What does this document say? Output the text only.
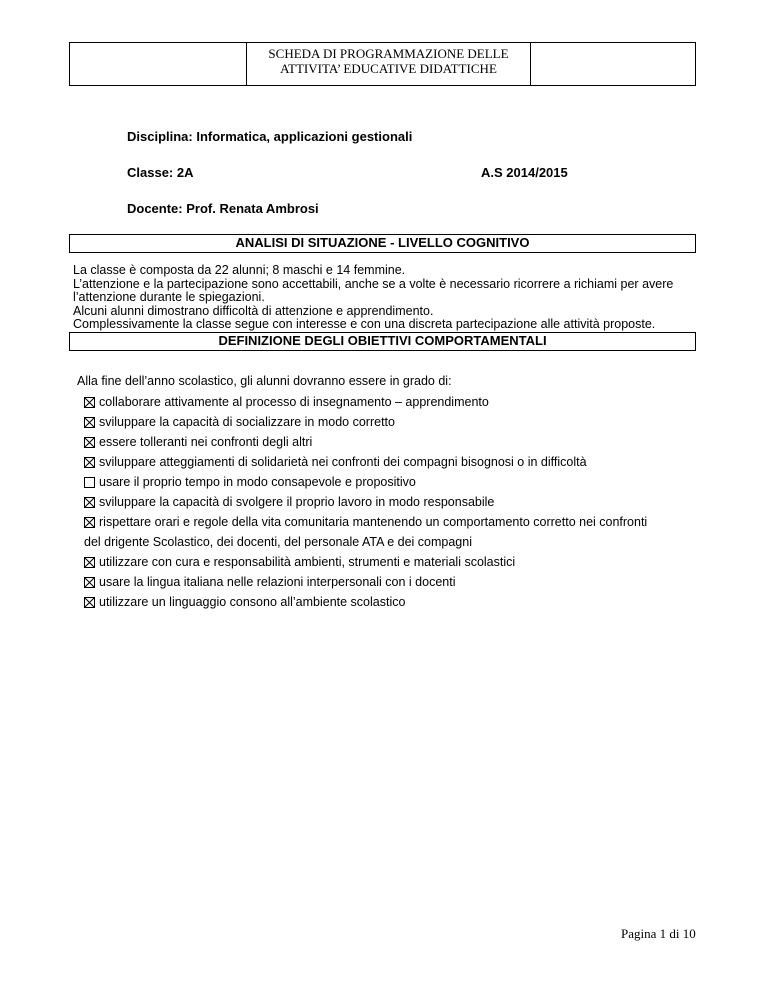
SCHEDA DI PROGRAMMAZIONE DELLE
ATTIVITA’ EDUCATIVE DIDATTICHE
Disciplina: Informatica, applicazioni gestionali
Classe: 2A	A.S 2014/2015
Docente: Prof. Renata Ambrosi
ANALISI DI SITUAZIONE - LIVELLO COGNITIVO
La classe è composta da 22 alunni; 8 maschi e 14 femmine.
L’attenzione e la partecipazione sono accettabili, anche se a volte è necessario ricorrere a richiami per avere
l’attenzione durante le spiegazioni.
Alcuni alunni dimostrano difficoltà di attenzione e apprendimento.
Complessivamente la classe segue con interesse e con una discreta partecipazione alle attività proposte.
DEFINIZIONE DEGLI OBIETTIVI COMPORTAMENTALI
Alla fine dell’anno scolastico, gli alunni dovranno essere in grado di:
collaborare attivamente al processo di insegnamento – apprendimento
sviluppare la capacità di socializzare in modo corretto
essere tolleranti nei confronti degli altri
sviluppare atteggiamenti di solidarietà nei confronti dei compagni bisognosi o in difficoltà
usare il proprio tempo in modo consapevole e propositivo
sviluppare la capacità di svolgere il proprio lavoro in modo responsabile
rispettare orari e regole della vita comunitaria mantenendo un comportamento corretto nei confronti
del drigente Scolastico, dei docenti, del personale ATA e dei compagni
utilizzare con cura e responsabilità ambienti, strumenti e materiali scolastici
usare la lingua italiana nelle relazioni interpersonali con i docenti
utilizzare un linguaggio consono all’ambiente scolastico
Pagina 1 di 10
